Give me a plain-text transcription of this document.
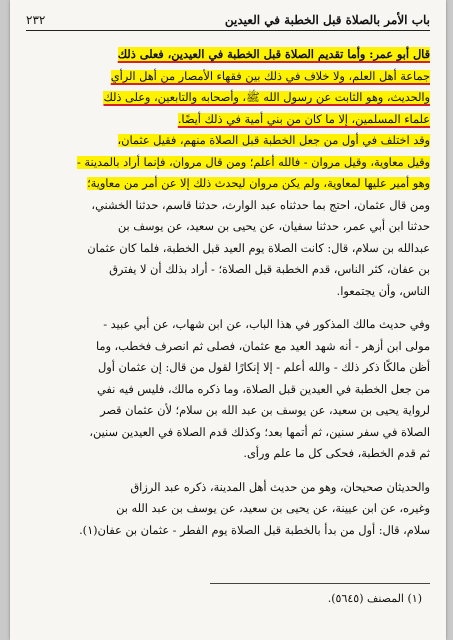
باب الأمر بالصلاة قبل الخطبة في العيدين
٢٣٢
قال أبو عمر: وأما تقديم الصلاة قبل الخطبة في العيدين، فعلى ذلك
جماعة أهل العلم، ولا خلاف في ذلك بين فقهاء الأمصار من أهل الرأي
والحديث، وهو الثابت عن رسول الله ﷺ، وأصحابه والتابعين، وعلى ذلك
علماء المسلمين، إلا ما كان من بني أمية في ذلك أيضًا.
وقد اختلف في أول من جعل الخطبة قبل الصلاة منهم، فقيل عثمان،
وقيل معاوية، وقيل مروان - فالله أعلم؛ ومن قال مروان، فإنما أراد بالمدينة -
وهو أمير عليها لمعاوية، ولم يكن مروان ليحدث ذلك إلا عن أمر من معاوية؛
ومن قال عثمان، احتج بما حدثناه عبد الوارث، حدثنا قاسم، حدثنا الخشني،
حدثنا ابن أبي عمر، حدثنا سفيان، عن يحيى بن سعيد، عن يوسف بن
عبدالله بن سلام، قال: كانت الصلاة يوم العيد قبل الخطبة، فلما كان عثمان
بن عفان، كثر الناس، قدم الخطبة قبل الصلاة؛ - أراد بذلك أن لا يفترق
الناس، وأن يجتمعوا.
وفي حديث مالك المذكور في هذا الباب، عن ابن شهاب، عن أبي عبيد -
مولى ابن أزهر - أنه شهد العيد مع عثمان، فصلى ثم انصرف فخطب، وما
أظن مالكًا ذكر ذلك - والله أعلم - إلا إنكارًا لقول من قال: إن عثمان أول
من جعل الخطبة في العيدين قبل الصلاة، وما ذكره مالك، فليس فيه نفي
لرواية يحيى بن سعيد، عن يوسف بن عبد الله بن سلام؛ لأن عثمان قصر
الصلاة في سفر سنين، ثم أتمها بعد؛ وكذلك قدم الصلاة في العيدين سنين،
ثم قدم الخطبة، فحكى كل ما علم ورأى.
والحديثان صحيحان، وهو من حديث أهل المدينة، ذكره عبد الرزاق
وغيره، عن ابن عيينة، عن يحيى بن سعيد، عن يوسف بن عبد الله بن
سلام، قال: أول من بدأ بالخطبة قبل الصلاة يوم الفطر - عثمان بن عفان(١).
(١) المصنف (٥٦٤٥).
